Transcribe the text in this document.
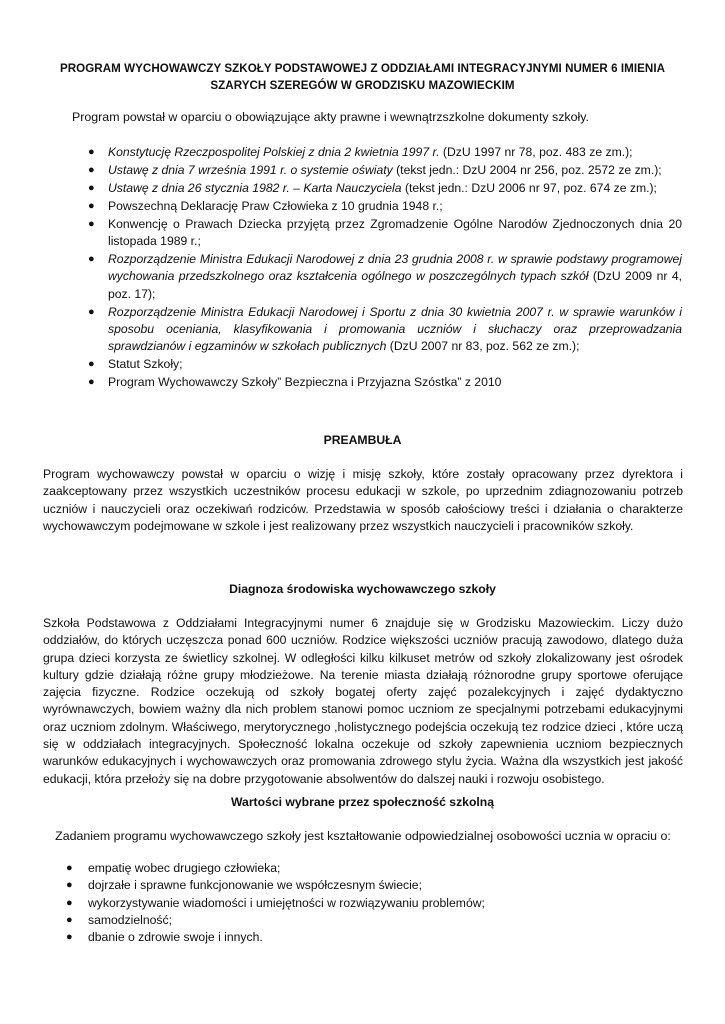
PROGRAM WYCHOWAWCZY SZKOŁY PODSTAWOWEJ Z ODDZIAŁAMI INTEGRACYJNYMI NUMER 6 IMIENIA SZARYCH SZEREGÓW W GRODZISKU MAZOWIECKIM
Program powstał w oparciu o obowiązujące akty prawne i wewnątrzszkolne dokumenty szkoły.
● Konstytucję Rzeczpospolitej Polskiej z dnia 2 kwietnia 1997 r. (DzU 1997 nr 78, poz. 483 ze zm.);
● Ustawę z dnia 7 września 1991 r. o systemie oświaty (tekst jedn.: DzU 2004 nr 256, poz. 2572 ze zm.);
● Ustawę z dnia 26 stycznia 1982 r. – Karta Nauczyciela (tekst jedn.: DzU 2006 nr 97, poz. 674 ze zm.);
● Powszechną Deklarację Praw Człowieka z 10 grudnia 1948 r.;
● Konwencję o Prawach Dziecka przyjętą przez Zgromadzenie Ogólne Narodów Zjednoczonych dnia 20 listopada 1989 r.;
● Rozporządzenie Ministra Edukacji Narodowej z dnia 23 grudnia 2008 r. w sprawie podstawy programowej wychowania przedszkolnego oraz kształcenia ogólnego w poszczególnych typach szkół (DzU 2009 nr 4, poz. 17);
● Rozporządzenie Ministra Edukacji Narodowej i Sportu z dnia 30 kwietnia 2007 r. w sprawie warunków i sposobu oceniania, klasyfikowania i promowania uczniów i słuchaczy oraz przeprowadzania sprawdzianów i egzaminów w szkołach publicznych (DzU 2007 nr 83, poz. 562 ze zm.);
● Statut Szkoły;
● Program Wychowawczy Szkoły” Bezpieczna i Przyjazna Szóstka” z 2010
PREAMBUŁA
Program wychowawczy powstał w oparciu o wizję i misję szkoły, które zostały opracowany przez dyrektora i zaakceptowany przez wszystkich uczestników procesu edukacji w szkole, po uprzednim zdiagnozowaniu potrzeb uczniów i nauczycieli oraz oczekiwań rodziców. Przedstawia w sposób całościowy treści i działania o charakterze wychowawczym podejmowane w szkole i jest realizowany przez wszystkich nauczycieli i pracowników szkoły.
Diagnoza środowiska wychowawczego szkoły
Szkoła Podstawowa z Oddziałami Integracyjnymi numer 6 znajduje się w Grodzisku Mazowieckim. Liczy dużo oddziałów, do których uczęszcza ponad 600 uczniów. Rodzice większości uczniów pracują zawodowo, dlatego duża grupa dzieci korzysta ze świetlicy szkolnej. W odległości kilku kilkuset metrów od szkoły zlokalizowany jest ośrodek kultury gdzie działają różne grupy młodzieżowe. Na terenie miasta działają różnorodne grupy sportowe oferujące zajęcia fizyczne. Rodzice oczekują od szkoły bogatej oferty zajęć pozalekcyjnych i zajęć dydaktyczno wyrównawczych, bowiem ważny dla nich problem stanowi pomoc uczniom ze specjalnymi potrzebami edukacyjnymi oraz uczniom zdolnym. Właściwego, merytorycznego ,holistycznego podejścia oczekują tez rodzice dzieci , które uczą się w oddziałach integracyjnych. Społeczność lokalna oczekuje od szkoły zapewnienia uczniom bezpiecznych warunków edukacyjnych i wychowawczych oraz promowania zdrowego stylu życia. Ważna dla wszystkich jest jakość edukacji, która przełoży się na dobre przygotowanie absolwentów do dalszej nauki i rozwoju osobistego.
Wartości wybrane przez społeczność szkolną
Zadaniem programu wychowawczego szkoły jest kształtowanie odpowiedzialnej osobowości ucznia w opraciu o:
● empatię wobec drugiego człowieka;
● dojrzałe i sprawne funkcjonowanie we współczesnym świecie;
● wykorzystywanie wiadomości i umiejętności w rozwiązywaniu problemów;
● samodzielność;
● dbanie o zdrowie swoje i innych.
